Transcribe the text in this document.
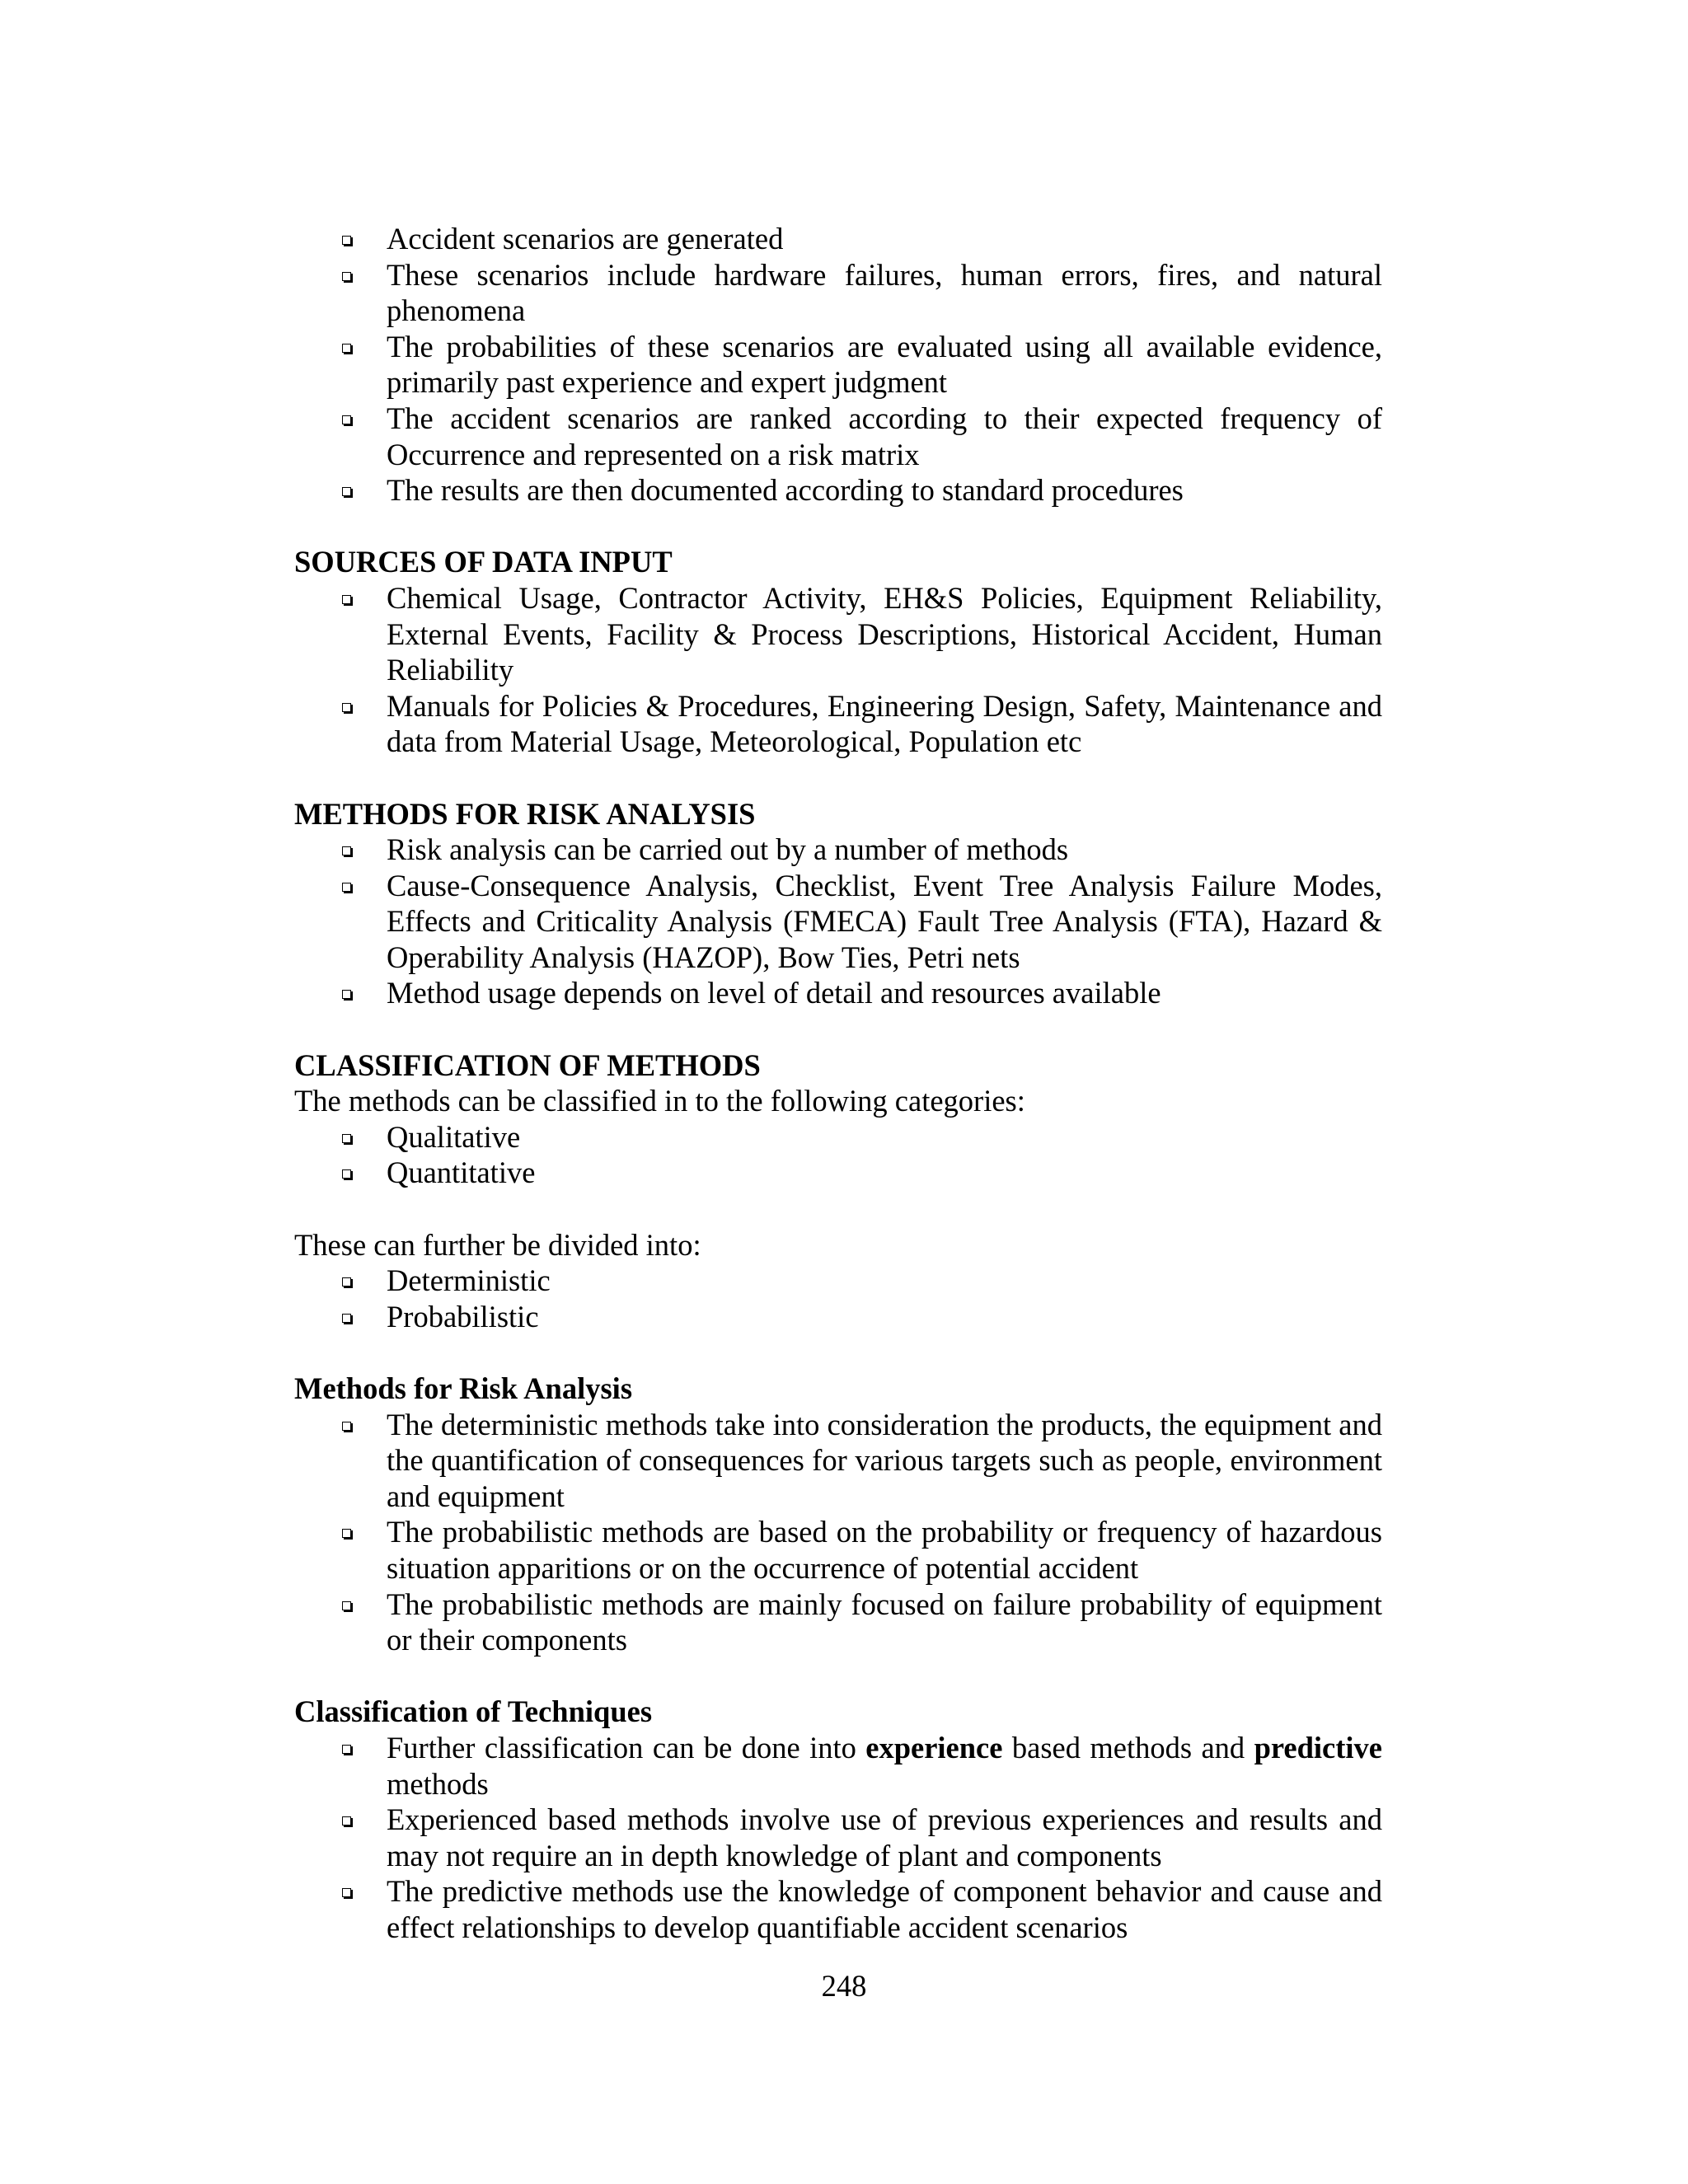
Accident scenarios are generated
These scenarios include hardware failures, human errors, fires, and natural phenomena
The probabilities of these scenarios are evaluated using all available evidence, primarily past experience and expert judgment
The accident scenarios are ranked according to their expected frequency of Occurrence and represented on a risk matrix
The results are then documented according to standard procedures
SOURCES OF DATA INPUT
Chemical Usage, Contractor Activity, EH&S Policies, Equipment Reliability, External Events, Facility & Process Descriptions, Historical Accident, Human Reliability
Manuals for Policies & Procedures, Engineering Design, Safety, Maintenance and data from Material Usage, Meteorological, Population etc
METHODS FOR RISK ANALYSIS
Risk analysis can be carried out by a number of methods
Cause-Consequence Analysis, Checklist, Event Tree Analysis Failure Modes, Effects and Criticality Analysis (FMECA) Fault Tree Analysis (FTA), Hazard & Operability Analysis (HAZOP), Bow Ties, Petri nets
Method usage depends on level of detail and resources available
CLASSIFICATION OF METHODS

The methods can be classified in to the following categories:

Qualitative
Quantitative

These can further be divided into:

Deterministic
Probabilistic
Methods for Risk Analysis
The deterministic methods take into consideration the products, the equipment and the quantification of consequences for various targets such as people, environment and equipment
The probabilistic methods are based on the probability or frequency of hazardous situation apparitions or on the occurrence of potential accident
The probabilistic methods are mainly focused on failure probability of equipment or their components
Classification of Techniques
Further classification can be done into experience based methods and predictive methods
Experienced based methods involve use of previous experiences and results and may not require an in depth knowledge of plant and components
The predictive methods use the knowledge of component behavior and cause and effect relationships to develop quantifiable accident scenarios
248
